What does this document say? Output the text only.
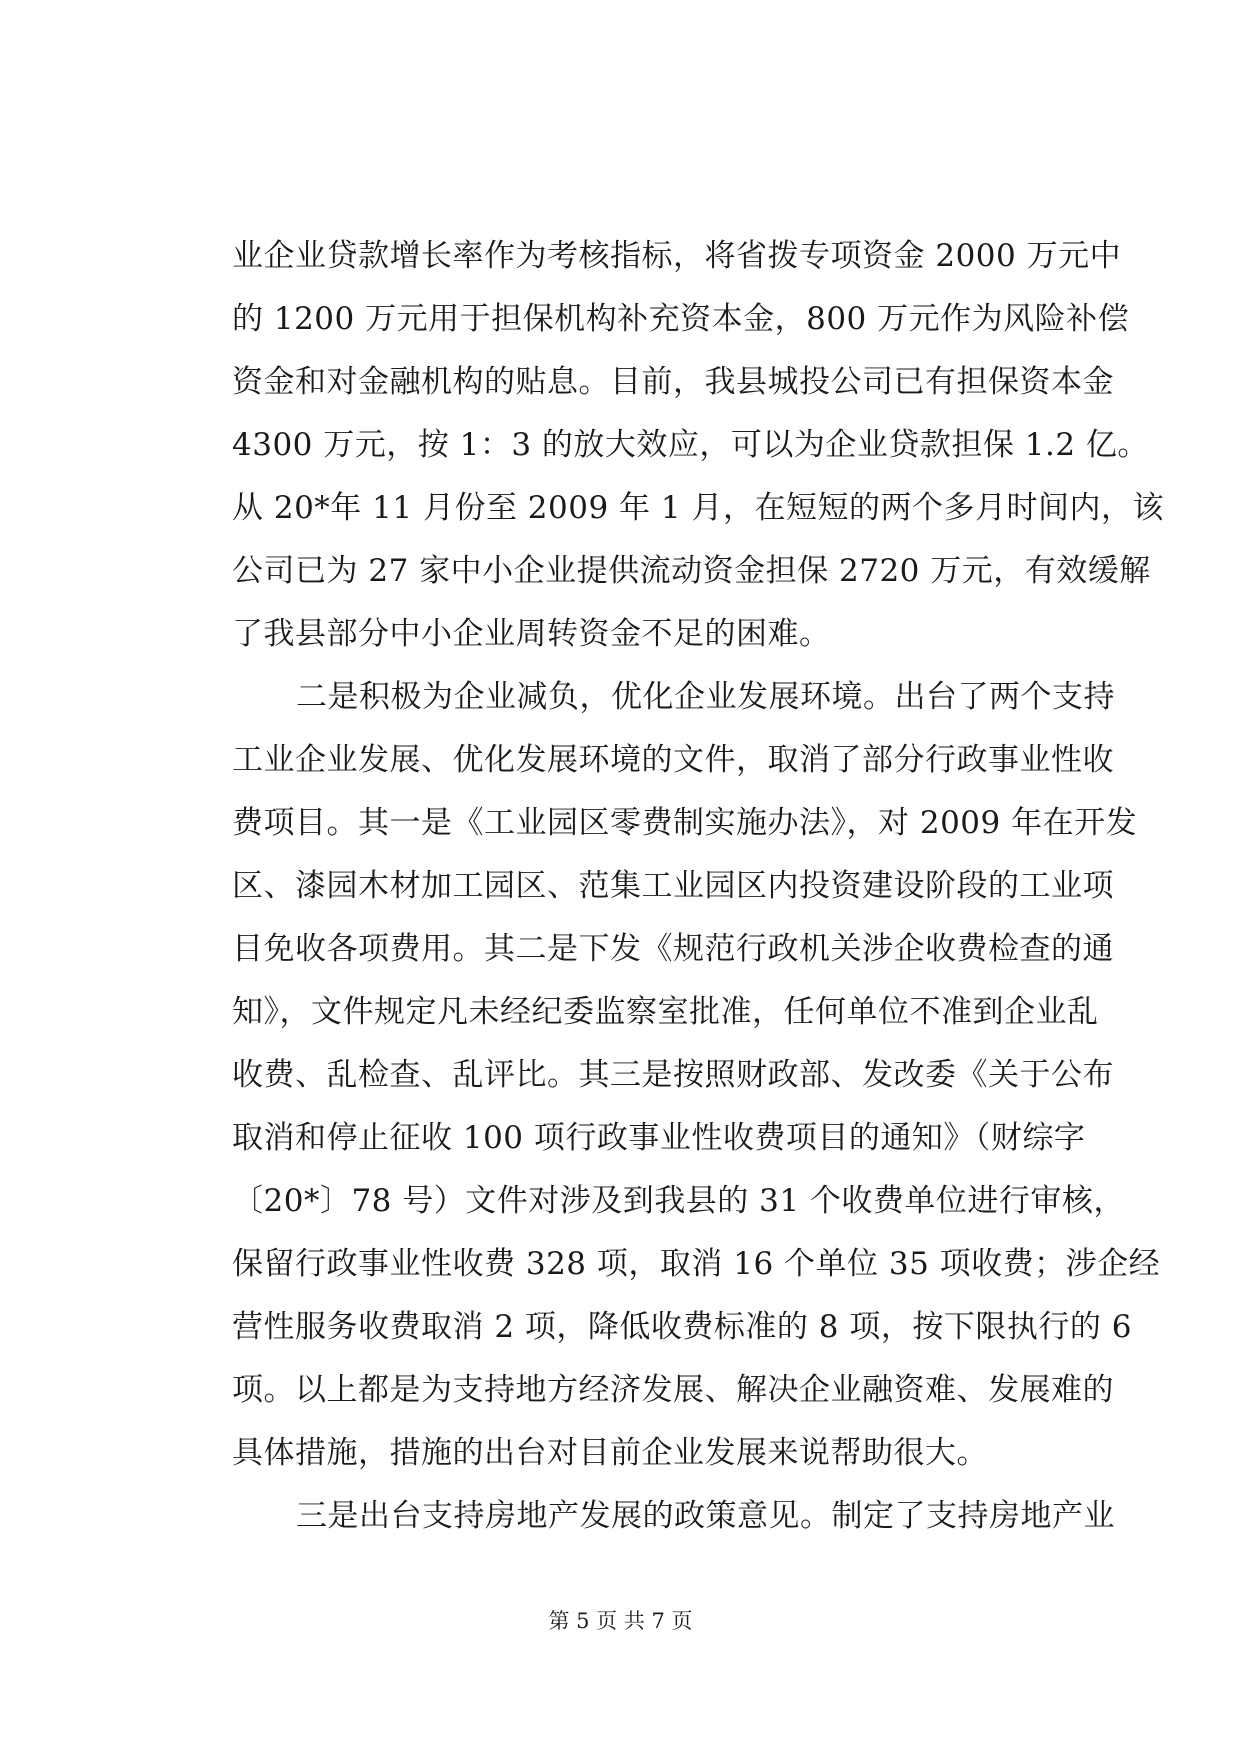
业企业贷款增长率作为考核指标，将省拨专项资金 2000 万元中
的 1200 万元用于担保机构补充资本金，800 万元作为风险补偿
资金和对金融机构的贴息。目前，我县城投公司已有担保资本金
4300 万元，按 1：3 的放大效应，可以为企业贷款担保 1.2 亿。
从 20*年 11 月份至 2009 年 1 月，在短短的两个多月时间内，该
公司已为 27 家中小企业提供流动资金担保 2720 万元，有效缓解
了我县部分中小企业周转资金不足的困难。
二是积极为企业减负，优化企业发展环境。出台了两个支持
工业企业发展、优化发展环境的文件，取消了部分行政事业性收
费项目。其一是《工业园区零费制实施办法》，对 2009 年在开发
区、漆园木材加工园区、范集工业园区内投资建设阶段的工业项
目免收各项费用。其二是下发《规范行政机关涉企收费检查的通
知》，文件规定凡未经纪委监察室批准，任何单位不准到企业乱
收费、乱检查、乱评比。其三是按照财政部、发改委《关于公布
取消和停止征收 100 项行政事业性收费项目的通知》（财综字
〔20*〕78 号）文件对涉及到我县的 31 个收费单位进行审核，
保留行政事业性收费 328 项，取消 16 个单位 35 项收费；涉企经
营性服务收费取消 2 项，降低收费标准的 8 项，按下限执行的 6
项。以上都是为支持地方经济发展、解决企业融资难、发展难的
具体措施，措施的出台对目前企业发展来说帮助很大。
三是出台支持房地产发展的政策意见。制定了支持房地产业
第 5 页 共 7 页
